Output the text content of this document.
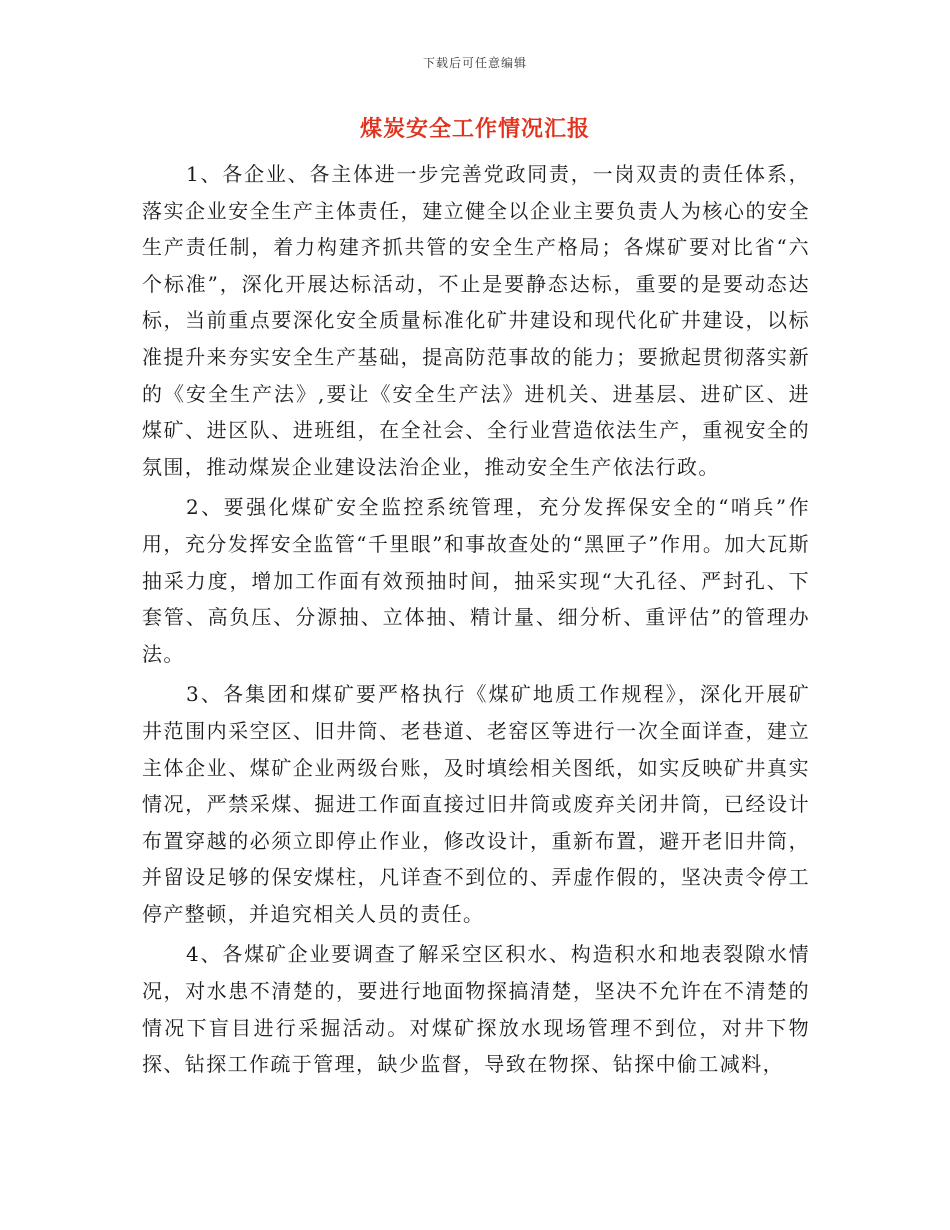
下载后可任意编辑
煤炭安全工作情况汇报

1、各企业、各主体进一步完善党政同责，一岗双责的责任体系，落实企业安全生产主体责任，建立健全以企业主要负责人为核心的安全生产责任制，着力构建齐抓共管的安全生产格局；各煤矿要对比省“六个标准”，深化开展达标活动，不止是要静态达标，重要的是要动态达标，当前重点要深化安全质量标准化矿井建设和现代化矿井建设，以标准提升来夯实安全生产基础，提高防范事故的能力；要掀起贯彻落实新的《安全生产法》,要让《安全生产法》进机关、进基层、进矿区、进煤矿、进区队、进班组，在全社会、全行业营造依法生产，重视安全的氛围，推动煤炭企业建设法治企业，推动安全生产依法行政。

2、要强化煤矿安全监控系统管理，充分发挥保安全的“哨兵”作用，充分发挥安全监管“千里眼”和事故查处的“黑匣子”作用。加大瓦斯抽采力度，增加工作面有效预抽时间，抽采实现“大孔径、严封孔、下套管、高负压、分源抽、立体抽、精计量、细分析、重评估”的管理办法。

3、各集团和煤矿要严格执行《煤矿地质工作规程》，深化开展矿井范围内采空区、旧井筒、老巷道、老窑区等进行一次全面详查，建立主体企业、煤矿企业两级台账，及时填绘相关图纸，如实反映矿井真实情况，严禁采煤、掘进工作面直接过旧井筒或废弃关闭井筒，已经设计布置穿越的必须立即停止作业，修改设计，重新布置，避开老旧井筒，并留设足够的保安煤柱，凡详查不到位的、弄虚作假的，坚决责令停工停产整顿，并追究相关人员的责任。

4、各煤矿企业要调查了解采空区积水、构造积水和地表裂隙水情况，对水患不清楚的，要进行地面物探搞清楚，坚决不允许在不清楚的情况下盲目进行采掘活动。对煤矿探放水现场管理不到位，对井下物探、钻探工作疏于管理，缺少监督，导致在物探、钻探中偷工减料，
